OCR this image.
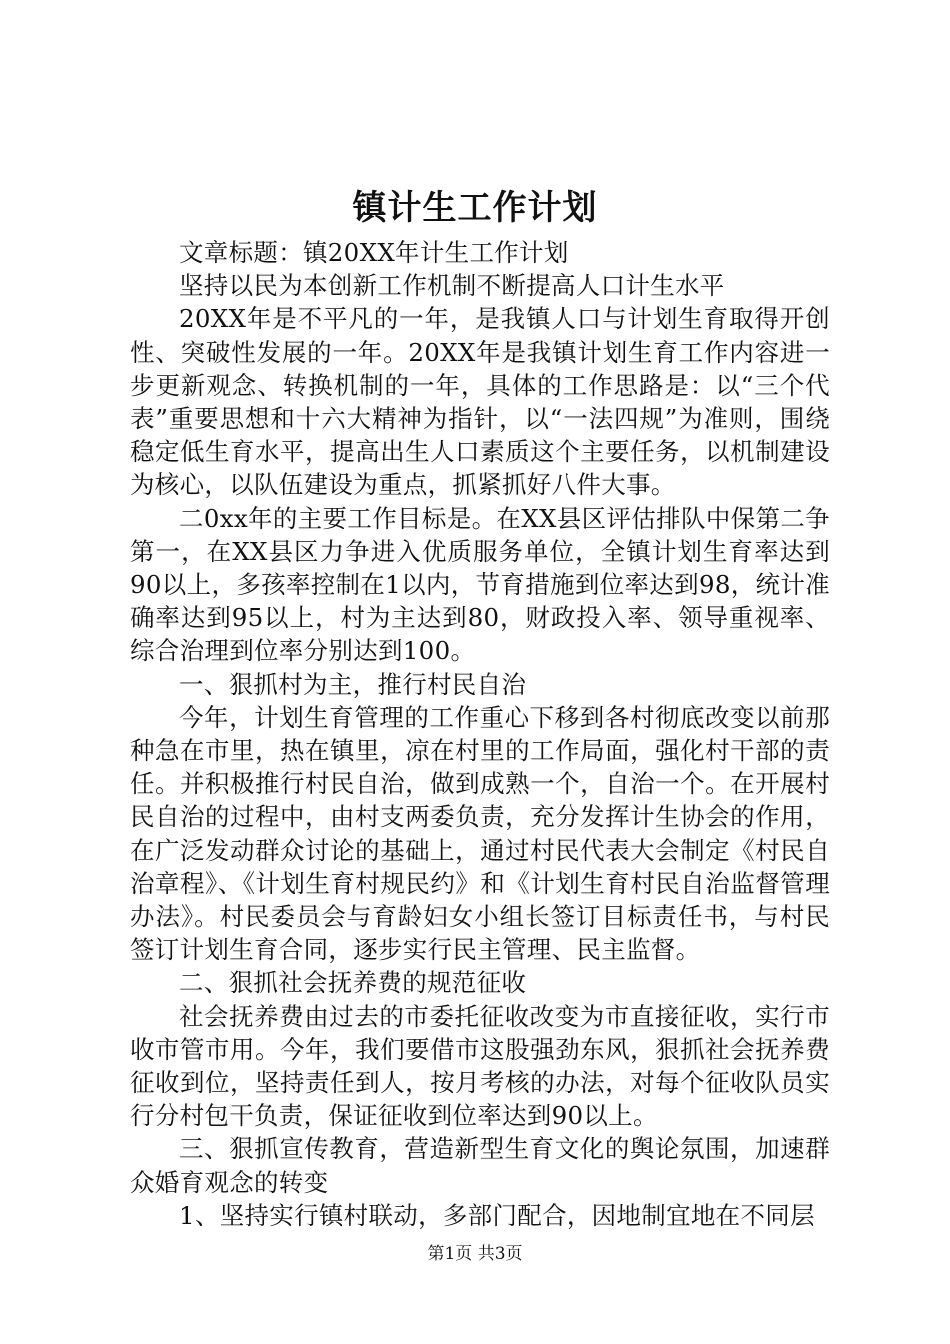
镇计生工作计划

文章标题：镇20XX年计生工作计划

坚持以民为本创新工作机制不断提高人口计生水平

20XX年是不平凡的一年，是我镇人口与计划生育取得开创性、突破性发展的一年。20XX年是我镇计划生育工作内容进一步更新观念、转换机制的一年，具体的工作思路是：以“三个代表”重要思想和十六大精神为指针，以“一法四规”为准则，围绕稳定低生育水平，提高出生人口素质这个主要任务，以机制建设为核心，以队伍建设为重点，抓紧抓好八件大事。

二0xx年的主要工作目标是。在XX县区评估排队中保第二争第一，在XX县区力争进入优质服务单位，全镇计划生育率达到90以上，多孩率控制在1以内，节育措施到位率达到98，统计准确率达到95以上，村为主达到80，财政投入率、领导重视率、综合治理到位率分别达到100。

一、狠抓村为主，推行村民自治

今年，计划生育管理的工作重心下移到各村彻底改变以前那种急在市里，热在镇里，凉在村里的工作局面，强化村干部的责任。并积极推行村民自治，做到成熟一个，自治一个。在开展村民自治的过程中，由村支两委负责，充分发挥计生协会的作用，在广泛发动群众讨论的基础上，通过村民代表大会制定《村民自治章程》、《计划生育村规民约》和《计划生育村民自治监督管理办法》。村民委员会与育龄妇女小组长签订目标责任书，与村民签订计划生育合同，逐步实行民主管理、民主监督。

二、狠抓社会抚养费的规范征收

社会抚养费由过去的市委托征收改变为市直接征收，实行市收市管市用。今年，我们要借市这股强劲东风，狠抓社会抚养费征收到位，坚持责任到人，按月考核的办法，对每个征收队员实行分村包干负责，保证征收到位率达到90以上。

三、狠抓宣传教育，营造新型生育文化的舆论氛围，加速群众婚育观念的转变

1、坚持实行镇村联动，多部门配合，因地制宜地在不同层

第1页 共3页
